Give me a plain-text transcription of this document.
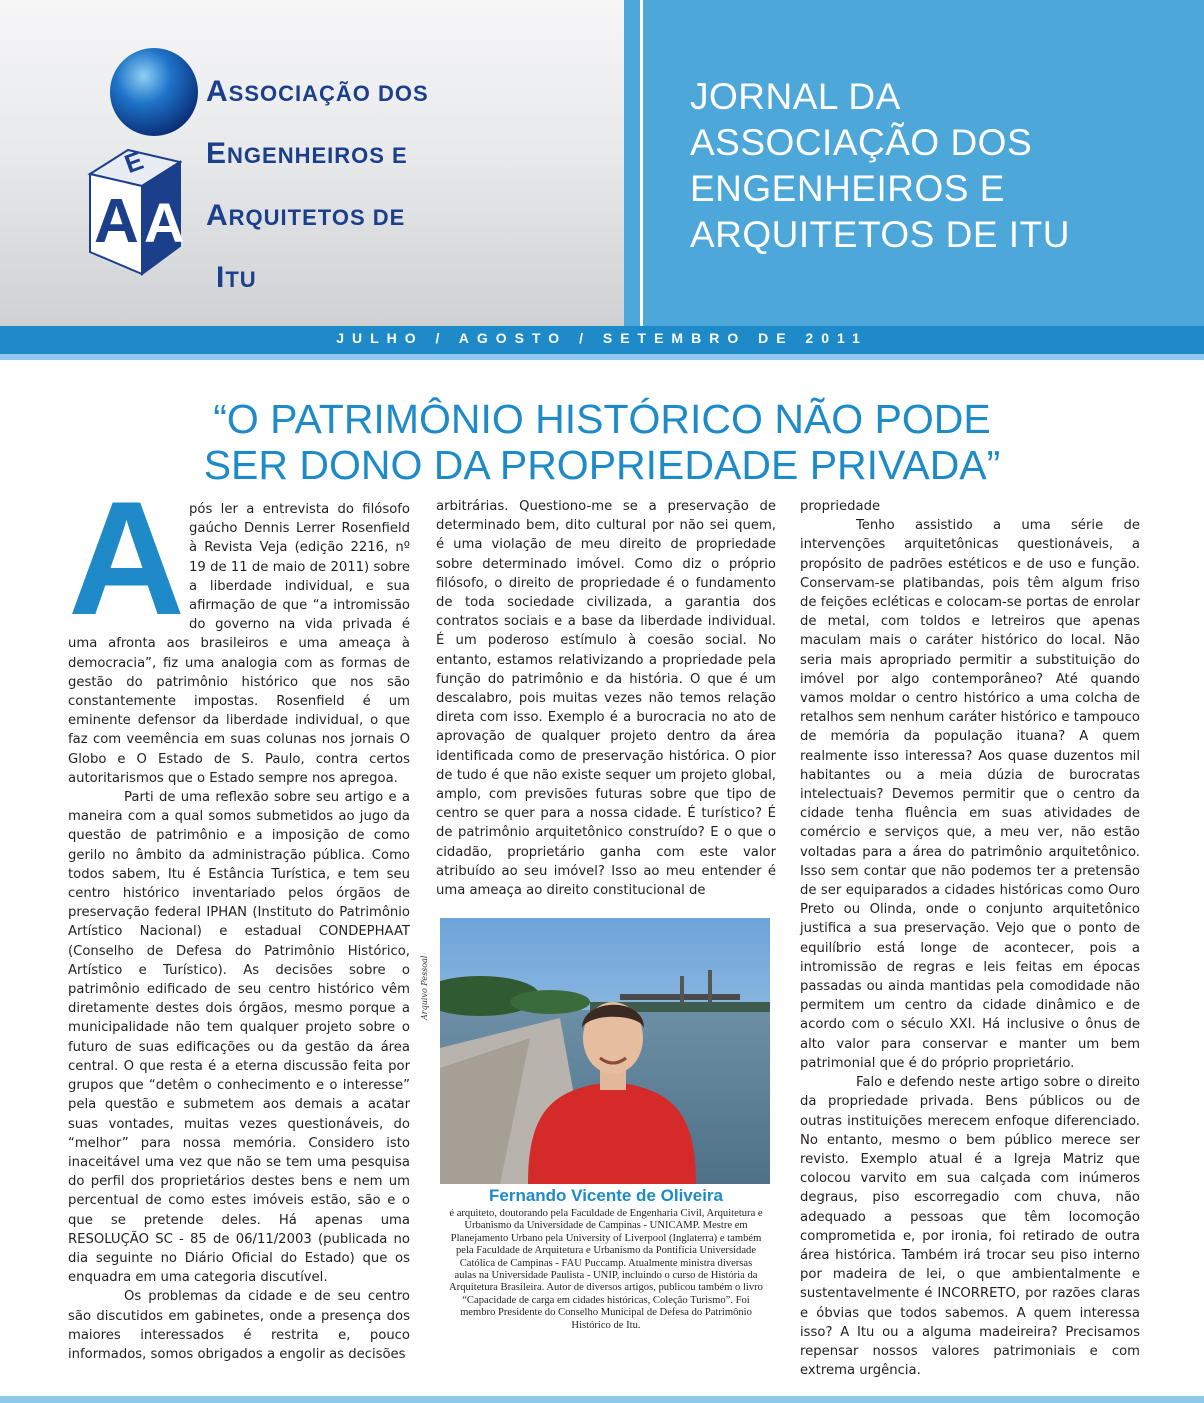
E
A A
ASSOCIAÇÃO DOS
ENGENHEIROS E
ARQUITETOS DE
ITU
JORNAL DA
ASSOCIAÇÃO DOS
ENGENHEIROS E
ARQUITETOS DE ITU
JULHO / AGOSTO / SETEMBRO DE 2011
“O PATRIMÔNIO HISTÓRICO NÃO PODE
SER DONO DA PROPRIEDADE PRIVADA”
A pós ler a entrevista do filósofo gaúcho Dennis Lerrer Rosenfield à Revista Veja (edição 2216, nº 19 de 11 de maio de 2011) sobre a liberdade individual, e sua afirmação de que “a intromissão do governo na vida privada é uma afronta aos brasileiros e uma ameaça à democracia”, fiz uma analogia com as formas de gestão do patrimônio histórico que nos são constantemente impostas. Rosenfield é um eminente defensor da liberdade individual, o que faz com veemência em suas colunas nos jornais O Globo e O Estado de S. Paulo, contra certos autoritarismos que o Estado sempre nos apregoa.

Parti de uma reflexão sobre seu artigo e a maneira com a qual somos submetidos ao jugo da questão de patrimônio e a imposição de como gerilo no âmbito da administração pública. Como todos sabem, Itu é Estância Turística, e tem seu centro histórico inventariado pelos órgãos de preservação federal IPHAN (Instituto do Patrimônio Artístico Nacional) e estadual CONDEPHAAT (Conselho de Defesa do Patrimônio Histórico, Artístico e Turístico). As decisões sobre o patrimônio edificado de seu centro histórico vêm diretamente destes dois órgãos, mesmo porque a municipalidade não tem qualquer projeto sobre o futuro de suas edificações ou da gestão da área central. O que resta é a eterna discussão feita por grupos que “detêm o conhecimento e o interesse” pela questão e submetem aos demais a acatar suas vontades, muitas vezes questionáveis, do “melhor” para nossa memória. Considero isto inaceitável uma vez que não se tem uma pesquisa do perfil dos proprietários destes bens e nem um percentual de como estes imóveis estão, são e o que se pretende deles. Há apenas uma RESOLUÇÃO SC - 85 de 06/11/2003 (publicada no dia seguinte no Diário Oficial do Estado) que os enquadra em uma categoria discutível.

Os problemas da cidade e de seu centro são discutidos em gabinetes, onde a presença dos maiores interessados é restrita e, pouco informados, somos obrigados a engolir as decisões

arbitrárias. Questiono-me se a preservação de determinado bem, dito cultural por não sei quem, é uma violação de meu direito de propriedade sobre determinado imóvel. Como diz o próprio filósofo, o direito de propriedade é o fundamento de toda sociedade civilizada, a garantia dos contratos sociais e a base da liberdade individual. É um poderoso estímulo à coesão social. No entanto, estamos relativizando a propriedade pela função do patrimônio e da história. O que é um descalabro, pois muitas vezes não temos relação direta com isso. Exemplo é a burocracia no ato de aprovação de qualquer projeto dentro da área identificada como de preservação histórica. O pior de tudo é que não existe sequer um projeto global, amplo, com previsões futuras sobre que tipo de centro se quer para a nossa cidade. É turístico? É de patrimônio arquitetônico construído? E o que o cidadão, proprietário ganha com este valor atribuído ao seu imóvel? Isso ao meu entender é uma ameaça ao direito constitucional de

Arquivo Pessoal
Fernando Vicente de Oliveira
é arquiteto, doutorando pela Faculdade de Engenharia Civil, Arquitetura e Urbanismo da Universidade de Campinas - UNICAMP. Mestre em Planejamento Urbano pela University of Liverpool (Inglaterra) e também pela Faculdade de Arquitetura e Urbanismo da Pontifícia Universidade Católica de Campinas - FAU Puccamp. Atualmente ministra diversas aulas na Universidade Paulista - UNIP, incluindo o curso de História da Arquitetura Brasileira. Autor de diversos artigos, publicou também o livro “Capacidade de carga em cidades históricas, Coleção Turismo”. Foi membro Presidente do Conselho Municipal de Defesa do Patrimônio Histórico de Itu.

propriedade

Tenho assistido a uma série de intervenções arquitetônicas questionáveis, a propósito de padrões estéticos e de uso e função. Conservam-se platibandas, pois têm algum friso de feições ecléticas e colocam-se portas de enrolar de metal, com toldos e letreiros que apenas maculam mais o caráter histórico do local. Não seria mais apropriado permitir a substituição do imóvel por algo contemporâneo? Até quando vamos moldar o centro histórico a uma colcha de retalhos sem nenhum caráter histórico e tampouco de memória da população ituana? A quem realmente isso interessa? Aos quase duzentos mil habitantes ou a meia dúzia de burocratas intelectuais? Devemos permitir que o centro da cidade tenha fluência em suas atividades de comércio e serviços que, a meu ver, não estão voltadas para a área do patrimônio arquitetônico. Isso sem contar que não podemos ter a pretensão de ser equiparados a cidades históricas como Ouro Preto ou Olinda, onde o conjunto arquitetônico justifica a sua preservação. Vejo que o ponto de equilíbrio está longe de acontecer, pois a intromissão de regras e leis feitas em épocas passadas ou ainda mantidas pela comodidade não permitem um centro da cidade dinâmico e de acordo com o século XXI. Há inclusive o ônus de alto valor para conservar e manter um bem patrimonial que é do próprio proprietário.

Falo e defendo neste artigo sobre o direito da propriedade privada. Bens públicos ou de outras instituições merecem enfoque diferenciado. No entanto, mesmo o bem público merece ser revisto. Exemplo atual é a Igreja Matriz que colocou varvito em sua calçada com inúmeros degraus, piso escorregadio com chuva, não adequado a pessoas que têm locomoção comprometida e, por ironia, foi retirado de outra área histórica. Também irá trocar seu piso interno por madeira de lei, o que ambientalmente e sustentavelmente é INCORRETO, por razões claras e óbvias que todos sabemos. A quem interessa isso? A Itu ou a alguma madeireira? Precisamos repensar nossos valores patrimoniais e com extrema urgência.
